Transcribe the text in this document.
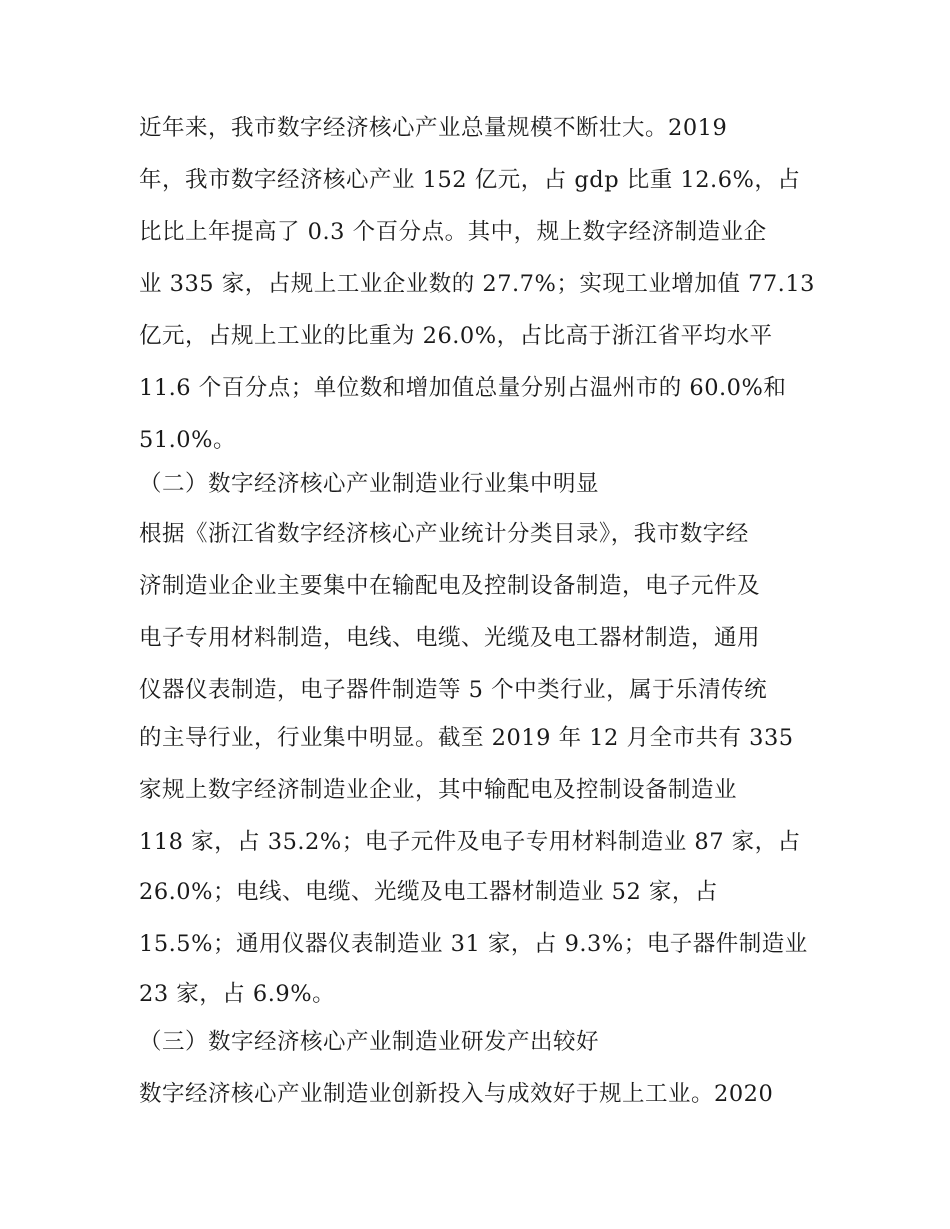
近年来，我市数字经济核心产业总量规模不断壮大。2019
年，我市数字经济核心产业 152 亿元，占 gdp 比重 12.6%，占
比比上年提高了 0.3 个百分点。其中，规上数字经济制造业企
业 335 家，占规上工业企业数的 27.7%；实现工业增加值 77.13
亿元，占规上工业的比重为 26.0%，占比高于浙江省平均水平
11.6 个百分点；单位数和增加值总量分别占温州市的 60.0%和
51.0%。
（二）数字经济核心产业制造业行业集中明显
根据《浙江省数字经济核心产业统计分类目录》，我市数字经
济制造业企业主要集中在输配电及控制设备制造，电子元件及
电子专用材料制造，电线、电缆、光缆及电工器材制造，通用
仪器仪表制造，电子器件制造等 5 个中类行业，属于乐清传统
的主导行业，行业集中明显。截至 2019 年 12 月全市共有 335
家规上数字经济制造业企业，其中输配电及控制设备制造业
118 家，占 35.2%；电子元件及电子专用材料制造业 87 家，占
26.0%；电线、电缆、光缆及电工器材制造业 52 家，占
15.5%；通用仪器仪表制造业 31 家，占 9.3%；电子器件制造业
23 家，占 6.9%。
（三）数字经济核心产业制造业研发产出较好
数字经济核心产业制造业创新投入与成效好于规上工业。2020
